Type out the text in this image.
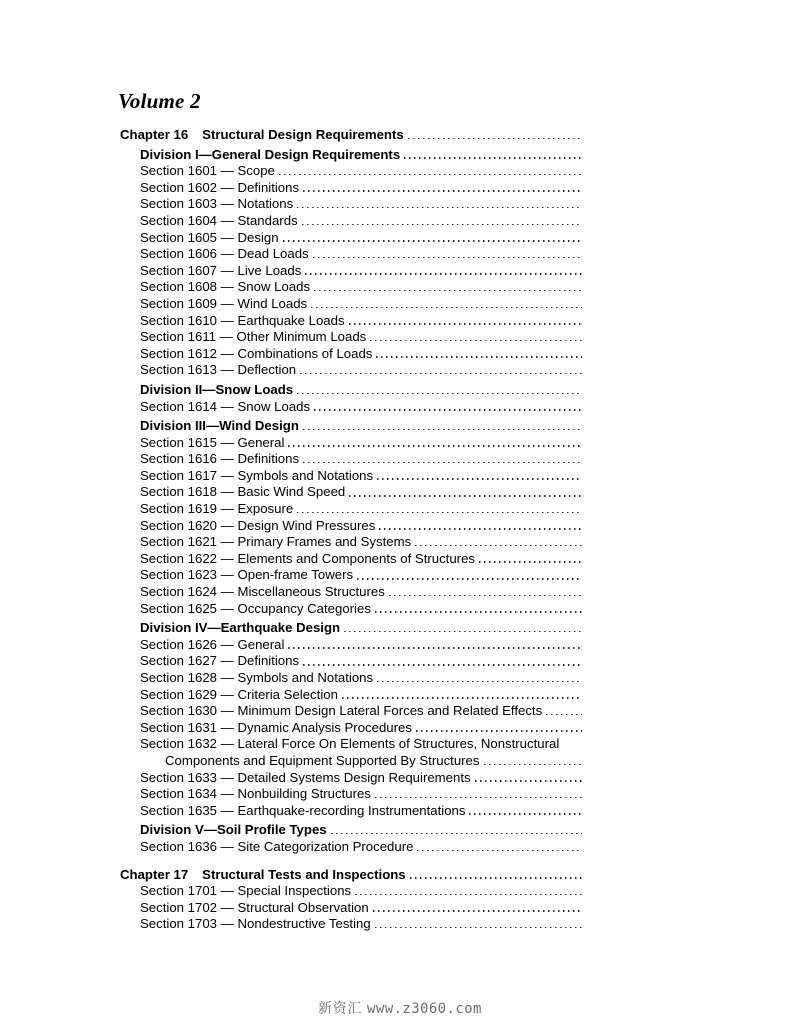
Volume 2
Chapter 16	Structural Design Requirements
Division I—General Design Requirements
Section 1601 — Scope
Section 1602 — Definitions
Section 1603 — Notations
Section 1604 — Standards
Section 1605 — Design
Section 1606 — Dead Loads
Section 1607 — Live Loads
Section 1608 — Snow Loads
Section 1609 — Wind Loads
Section 1610 — Earthquake Loads
Section 1611 — Other Minimum Loads
Section 1612 — Combinations of Loads
Section 1613 — Deflection
Division II—Snow Loads
Section 1614 — Snow Loads
Division III—Wind Design
Section 1615 — General
Section 1616 — Definitions
Section 1617 — Symbols and Notations
Section 1618 — Basic Wind Speed
Section 1619 — Exposure
Section 1620 — Design Wind Pressures
Section 1621 — Primary Frames and Systems
Section 1622 — Elements and Components of Structures
Section 1623 — Open-frame Towers
Section 1624 — Miscellaneous Structures
Section 1625 — Occupancy Categories
Division IV—Earthquake Design
Section 1626 — General
Section 1627 — Definitions
Section 1628 — Symbols and Notations
Section 1629 — Criteria Selection
Section 1630 — Minimum Design Lateral Forces and Related Effects
Section 1631 — Dynamic Analysis Procedures
Section 1632 — Lateral Force On Elements of Structures, Nonstructural
Components and Equipment Supported By Structures
Section 1633 — Detailed Systems Design Requirements
Section 1634 — Nonbuilding Structures
Section 1635 — Earthquake-recording Instrumentations
Division V—Soil Profile Types
Section 1636 — Site Categorization Procedure
Chapter 17	Structural Tests and Inspections
Section 1701 — Special Inspections
Section 1702 — Structural Observation
Section 1703 — Nondestructive Testing
新资汇 www.z3060.com
